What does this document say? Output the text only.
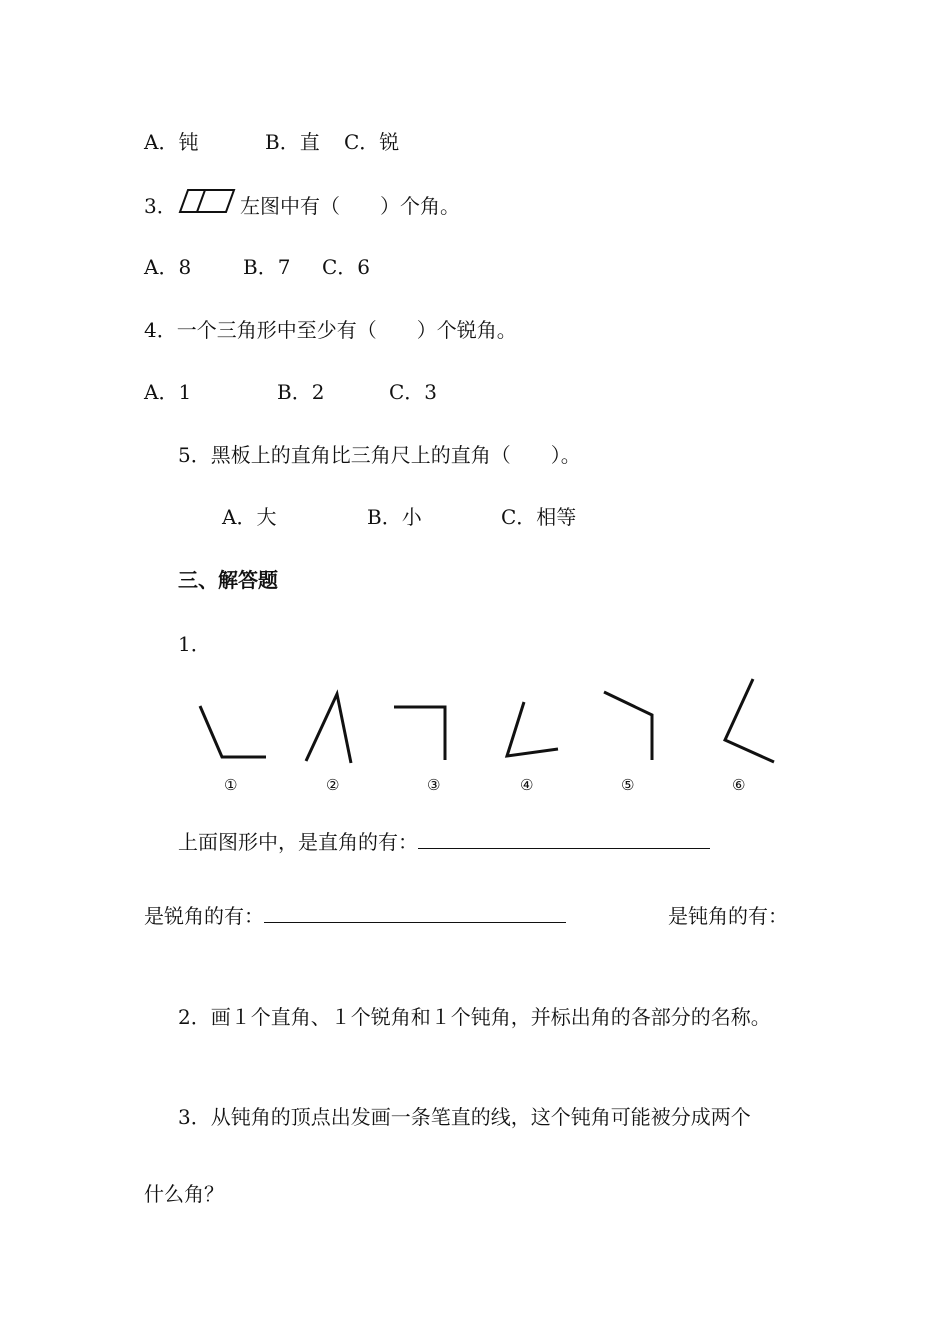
A．钝	B．直 C．锐
3．	左图中有（　　）个角。
A．8	B．7 C．6
4．一个三角形中至少有（　　）个锐角。
A．1	B．2	C．3
5．黑板上的直角比三角尺上的直角（　　）。
A．大	B．小	C．相等
三、解答题
1．
①	②	③	④	⑤	⑥
上面图形中，是直角的有：
是锐角的有：	是钝角的有：
2．画１个直角、１个锐角和１个钝角，并标出角的各部分的名称。
3．从钝角的顶点出发画一条笔直的线，这个钝角可能被分成两个
什么角？
